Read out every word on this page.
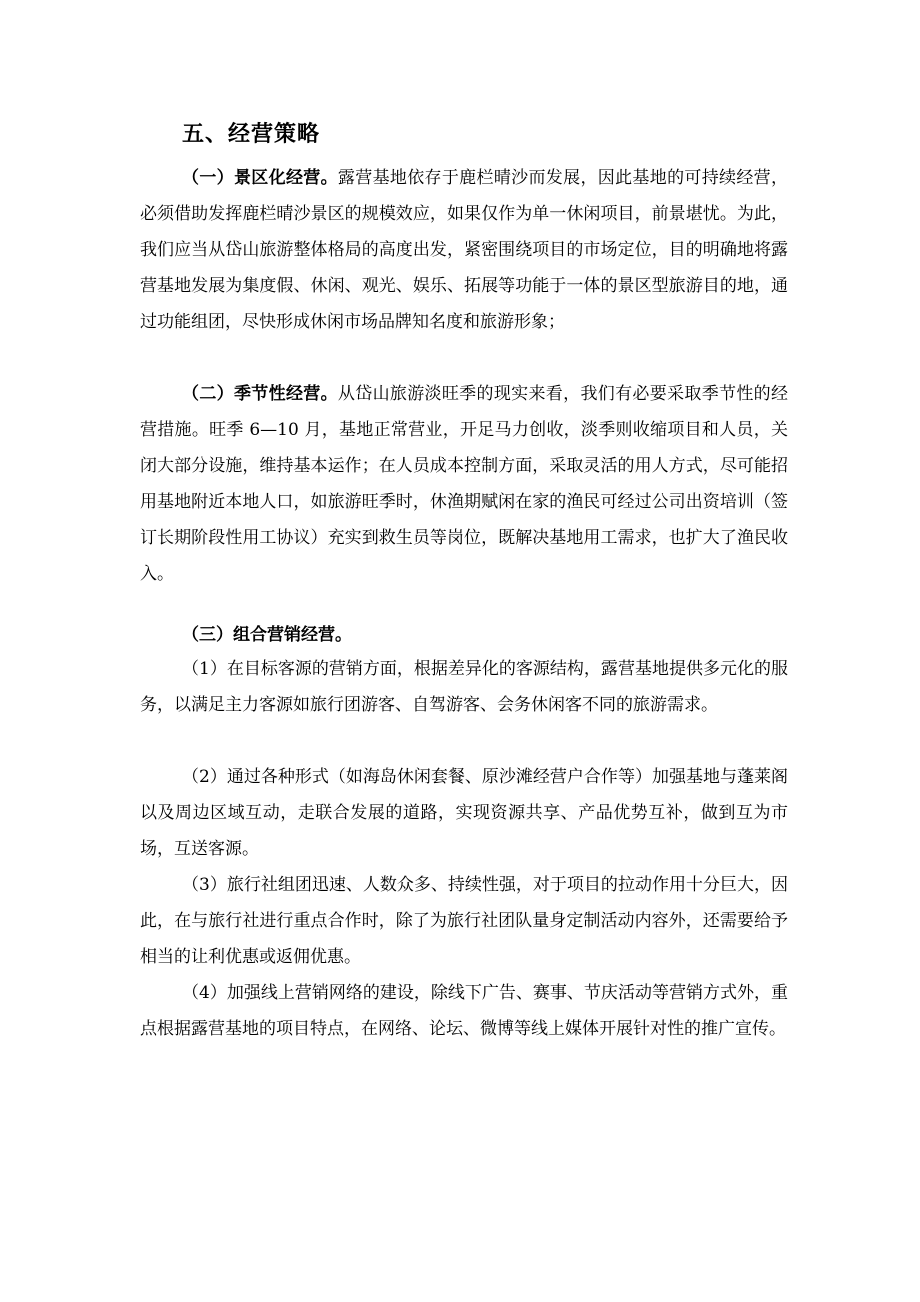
五、经营策略

（一）景区化经营。露营基地依存于鹿栏晴沙而发展，因此基地的可持续经营，必须借助发挥鹿栏晴沙景区的规模效应，如果仅作为单一休闲项目，前景堪忧。为此，我们应当从岱山旅游整体格局的高度出发，紧密围绕项目的市场定位，目的明确地将露营基地发展为集度假、休闲、观光、娱乐、拓展等功能于一体的景区型旅游目的地，通过功能组团，尽快形成休闲市场品牌知名度和旅游形象；

（二）季节性经营。从岱山旅游淡旺季的现实来看，我们有必要采取季节性的经营措施。旺季 6—10 月，基地正常营业，开足马力创收，淡季则收缩项目和人员，关闭大部分设施，维持基本运作；在人员成本控制方面，采取灵活的用人方式，尽可能招用基地附近本地人口，如旅游旺季时，休渔期赋闲在家的渔民可经过公司出资培训（签订长期阶段性用工协议）充实到救生员等岗位，既解决基地用工需求，也扩大了渔民收入。

（三）组合营销经营。

（1）在目标客源的营销方面，根据差异化的客源结构，露营基地提供多元化的服务，以满足主力客源如旅行团游客、自驾游客、会务休闲客不同的旅游需求。

（2）通过各种形式（如海岛休闲套餐、原沙滩经营户合作等）加强基地与蓬莱阁以及周边区域互动，走联合发展的道路，实现资源共享、产品优势互补，做到互为市场，互送客源。

（3）旅行社组团迅速、人数众多、持续性强，对于项目的拉动作用十分巨大，因此，在与旅行社进行重点合作时，除了为旅行社团队量身定制活动内容外，还需要给予相当的让利优惠或返佣优惠。

（4）加强线上营销网络的建设，除线下广告、赛事、节庆活动等营销方式外，重点根据露营基地的项目特点，在网络、论坛、微博等线上媒体开展针对性的推广宣传。
